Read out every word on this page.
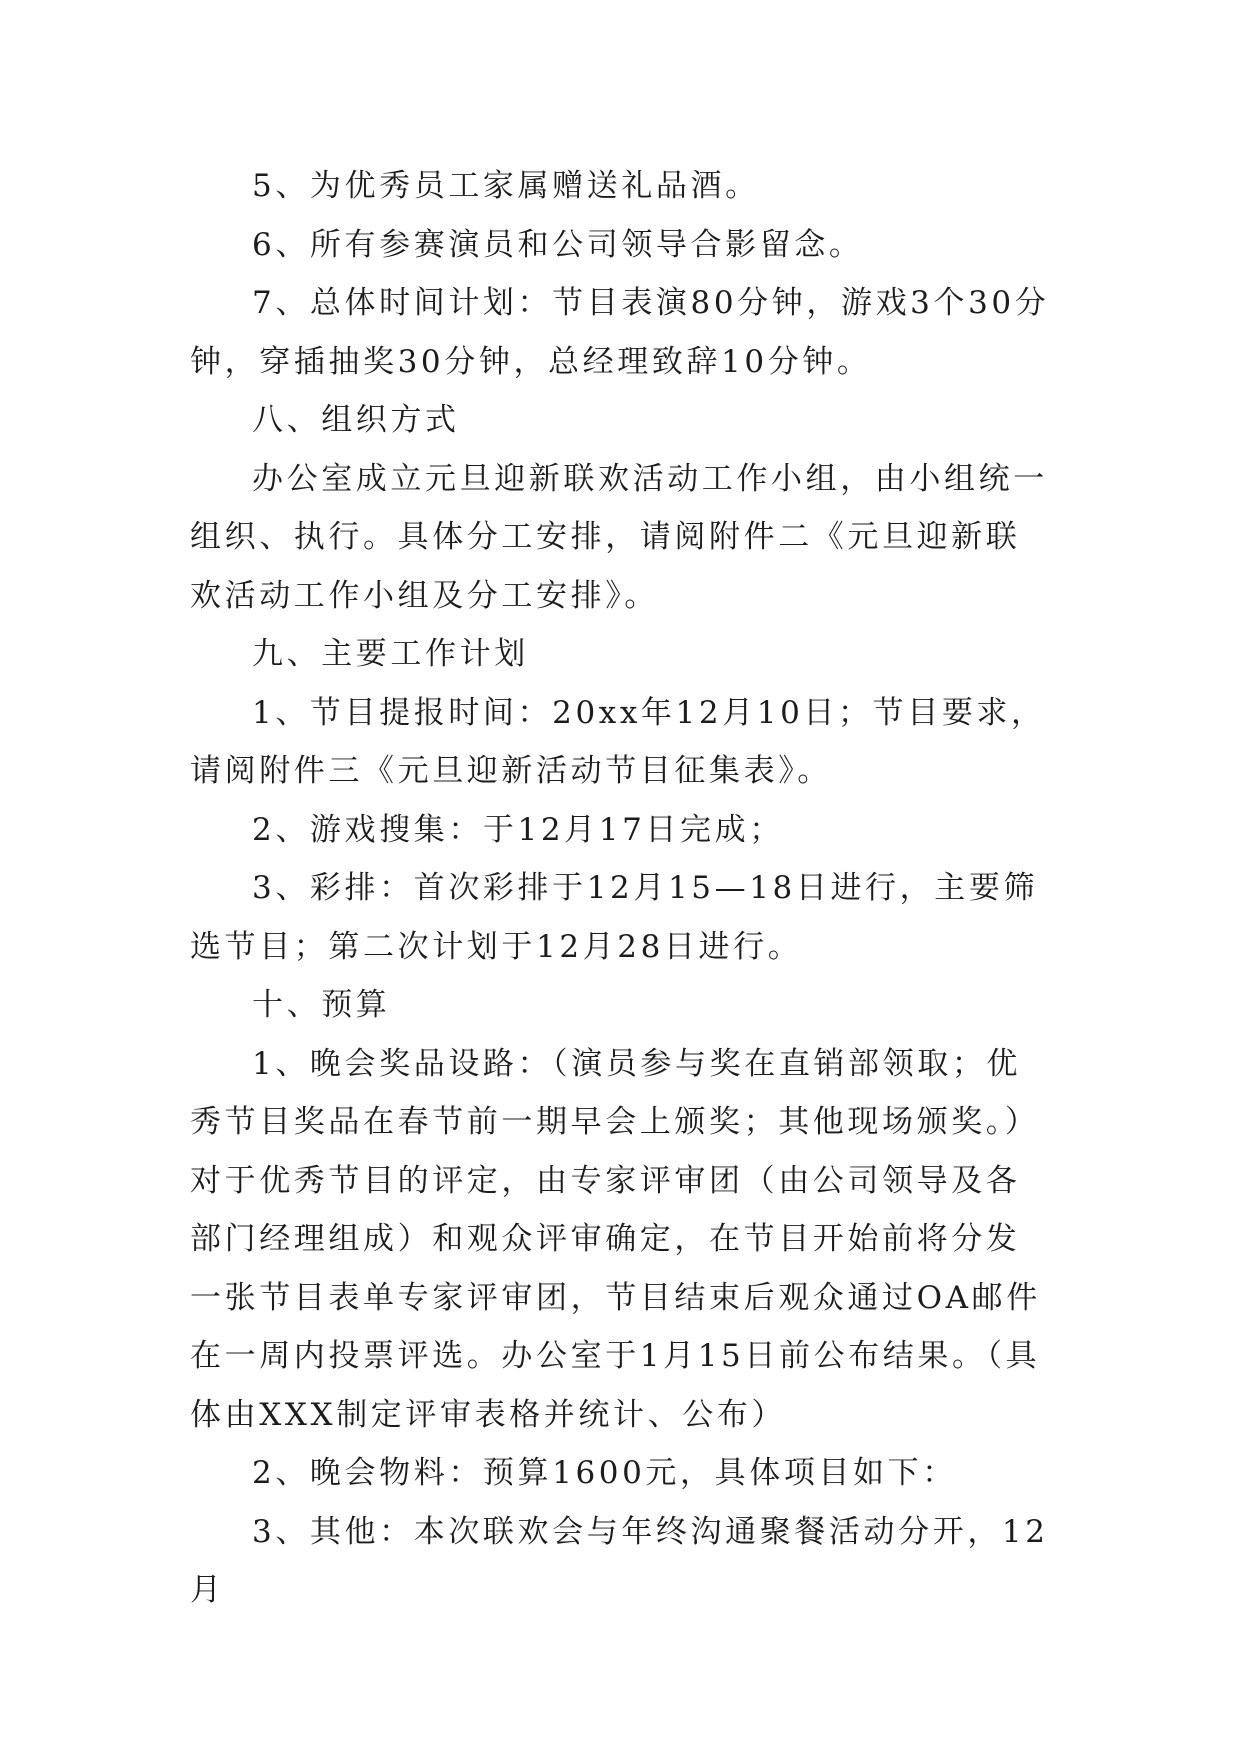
5、为优秀员工家属赠送礼品酒。

6、所有参赛演员和公司领导合影留念。

7、总体时间计划：节目表演80分钟，游戏3个30分钟，穿插抽奖30分钟，总经理致辞10分钟。

八、组织方式

办公室成立元旦迎新联欢活动工作小组，由小组统一组织、执行。具体分工安排，请阅附件二《元旦迎新联欢活动工作小组及分工安排》。

九、主要工作计划

1、节目提报时间：20xx年12月10日；节目要求，请阅附件三《元旦迎新活动节目征集表》。

2、游戏搜集：于12月17日完成；

3、彩排：首次彩排于12月15—18日进行，主要筛选节目；第二次计划于12月28日进行。

十、预算

1、晚会奖品设路：（演员参与奖在直销部领取；优秀节目奖品在春节前一期早会上颁奖；其他现场颁奖。）对于优秀节目的评定，由专家评审团（由公司领导及各部门经理组成）和观众评审确定，在节目开始前将分发一张节目表单专家评审团，节目结束后观众通过OA邮件在一周内投票评选。办公室于1月15日前公布结果。（具体由XXX制定评审表格并统计、公布）

2、晚会物料：预算1600元，具体项目如下：

3、其他：本次联欢会与年终沟通聚餐活动分开，12月
